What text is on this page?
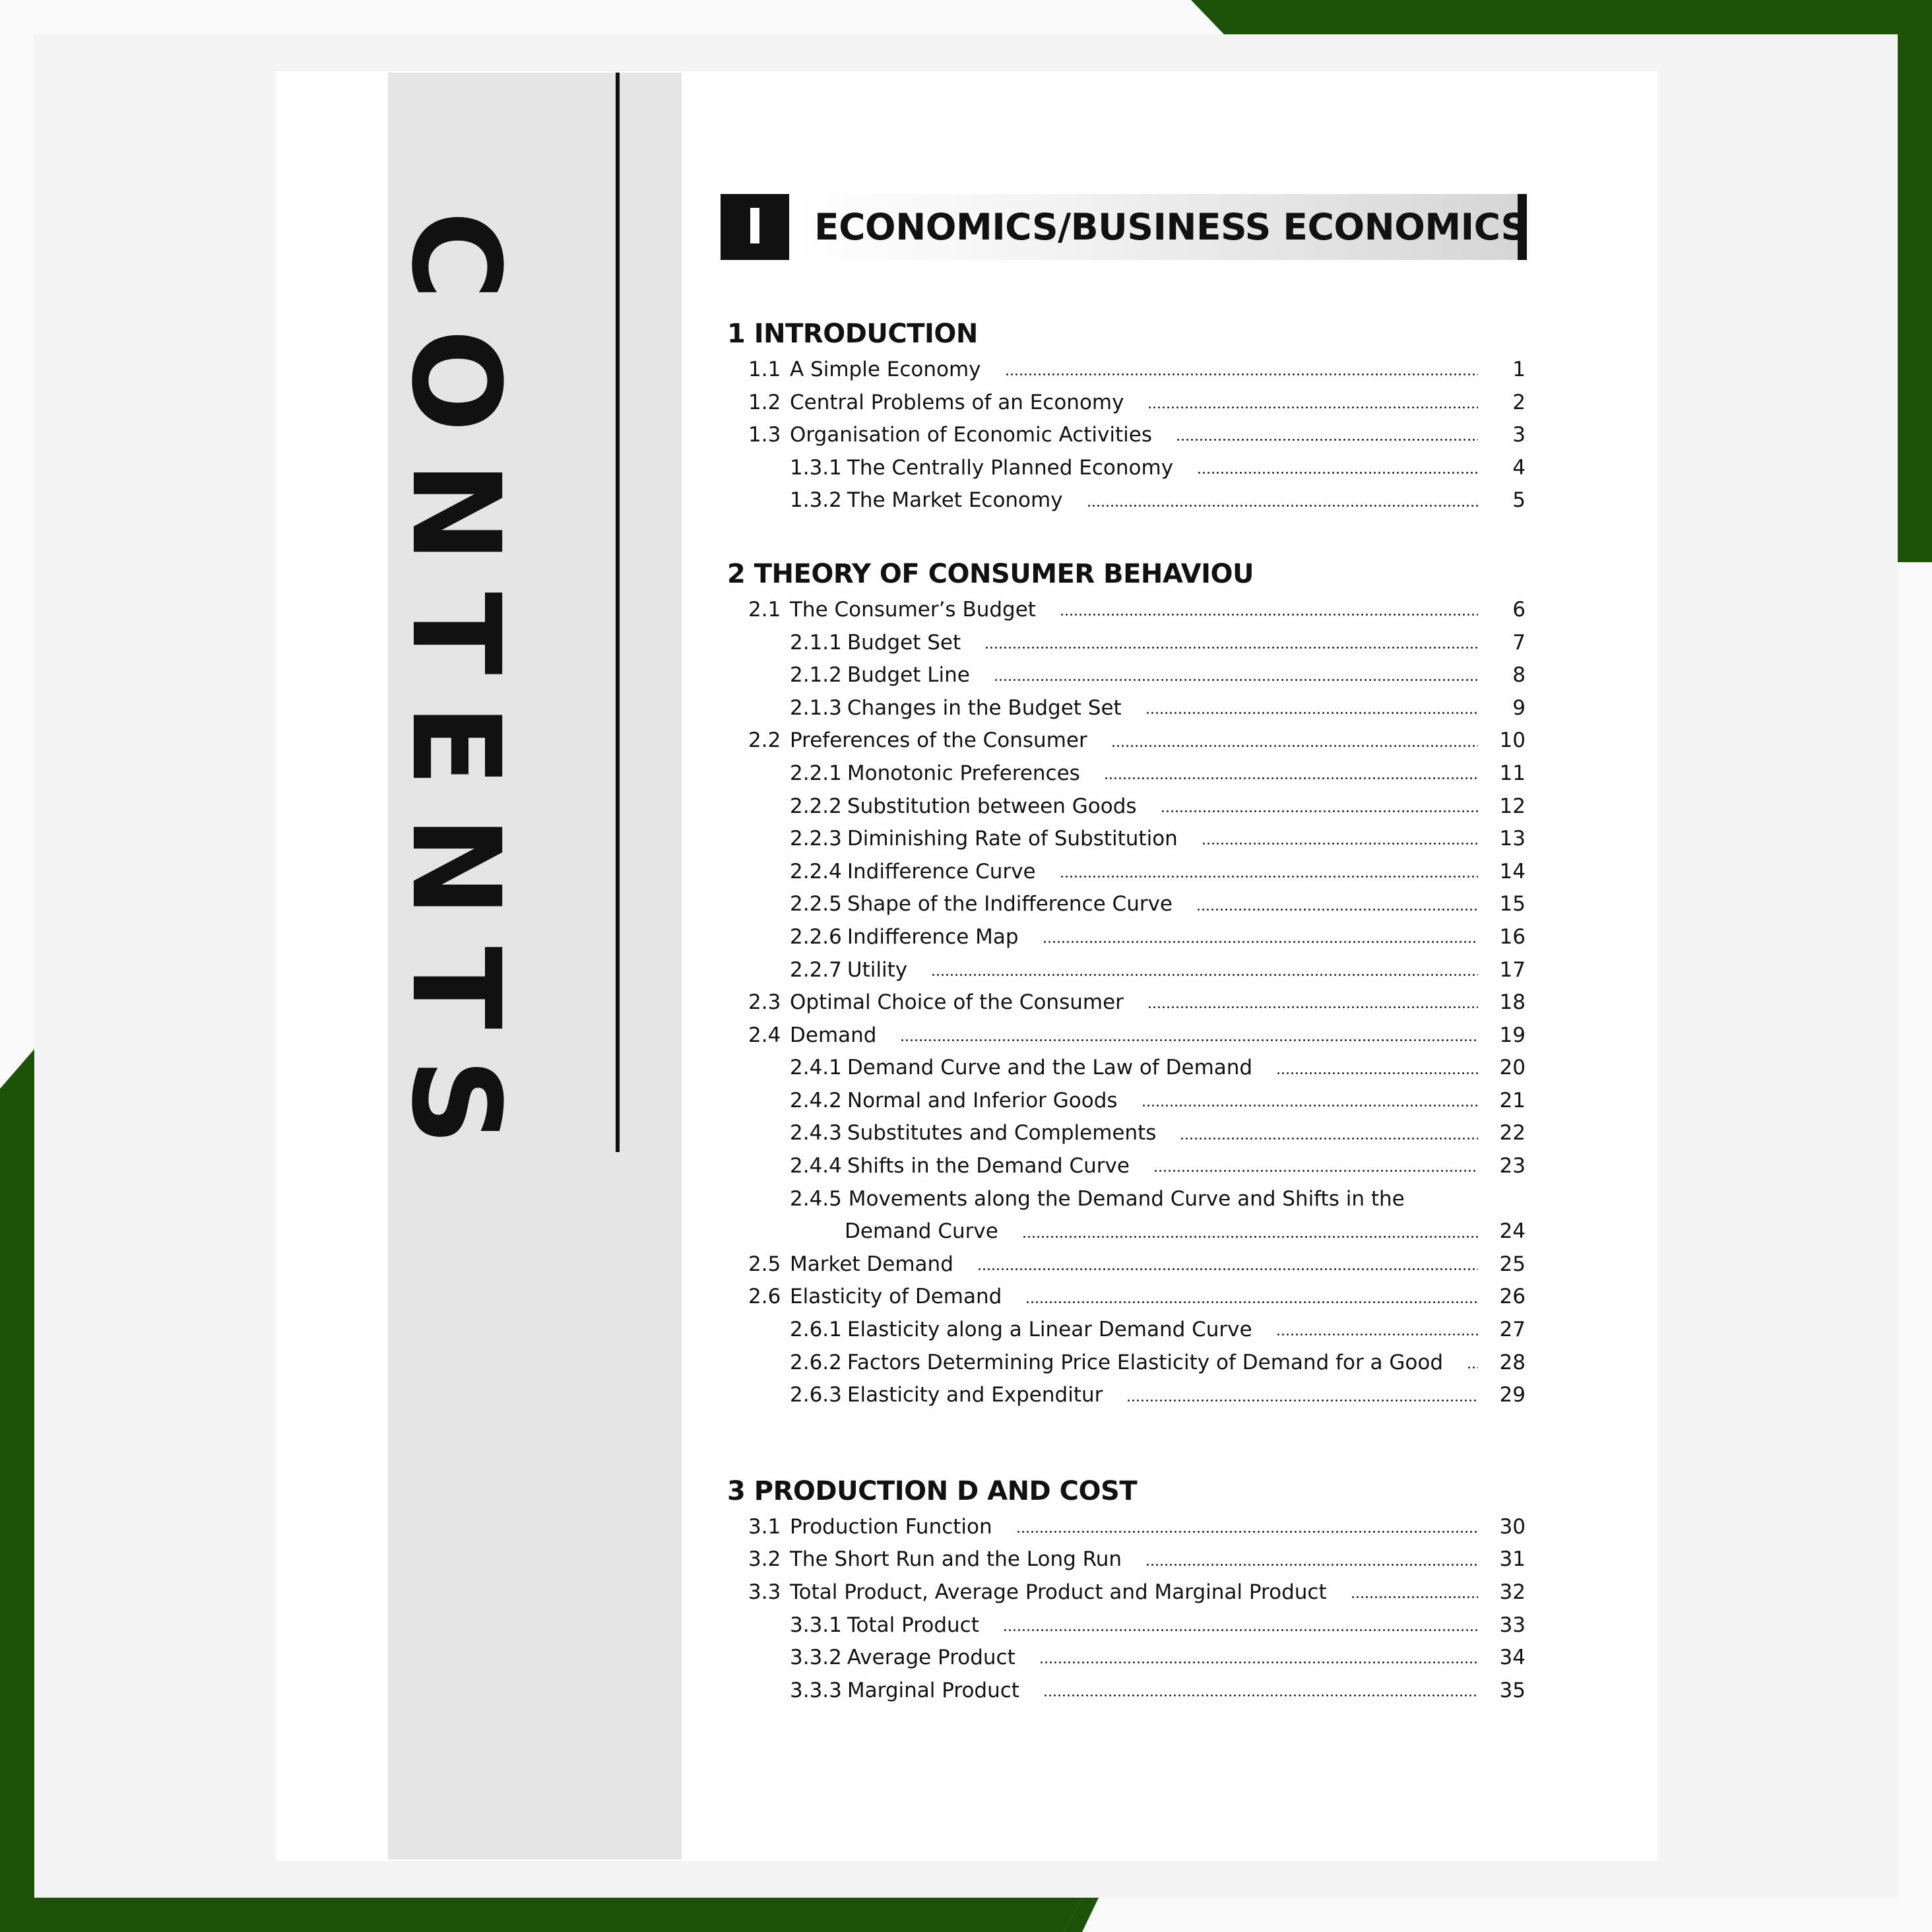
CONTENTS	I	ECONOMICS/BUSINESS ECONOMICS
1 INTRODUCTION
1.1 A Simple Economy	1
1.2 Central Problems of an Economy	2
1.3 Organisation of Economic Activities	3
1.3.1 The Centrally Planned Economy	4
1.3.2 The Market Economy	5
2 THEORY OF CONSUMER BEHAVIOU
2.1 The Consumer’s Budget	6
2.1.1 Budget Set	7
2.1.2 Budget Line	8
2.1.3 Changes in the Budget Set	9
2.2 Preferences of the Consumer	10
2.2.1 Monotonic Preferences	11
2.2.2 Substitution between Goods	12
2.2.3 Diminishing Rate of Substitution	13
2.2.4 Indifference Curve	14
2.2.5 Shape of the Indifference Curve	15
2.2.6 Indifference Map	16
2.2.7 Utility	17
2.3 Optimal Choice of the Consumer	18
2.4 Demand	19
2.4.1 Demand Curve and the Law of Demand	20
2.4.2 Normal and Inferior Goods	21
2.4.3 Substitutes and Complements	22
2.4.4 Shifts in the Demand Curve	23
2.4.5 Movements along the Demand Curve and Shifts in the
Demand Curve	24
2.5 Market Demand	25
2.6 Elasticity of Demand	26
2.6.1 Elasticity along a Linear Demand Curve	27
2.6.2 Factors Determining Price Elasticity of Demand for a Good	28
2.6.3 Elasticity and Expenditur	29
3 PRODUCTION D AND COST
3.1 Production Function	30
3.2 The Short Run and the Long Run	31
3.3 Total Product, Average Product and Marginal Product	32
3.3.1 Total Product	33
3.3.2 Average Product	34
3.3.3 Marginal Product	35
